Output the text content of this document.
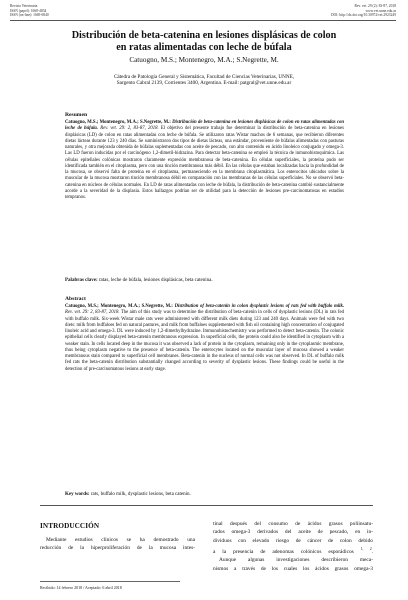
Revista Veterinaria
ISSN (papel): 1668-4834
ISSN (on-line): 1669-6840
Rev. vet. 29 (2): 83-87, 2018
www.vet.unne.edu.ar
DOI: http://dx.doi.org/10.30972/vet.2923249
Distribución de beta-catenina en lesiones displásicas de colon
en ratas alimentadas con leche de búfala
Catuogno, M.S.; Montenegro, M.A.; S.Negrette, M.
Cátedra de Patología General y Sistemática, Facultad de Ciencias Veterinarias, UNNE,
Sargento Cabral 2139, Corrientes 3400, Argentina. E-mail: patgral@vet.unne.edu.ar
Resumen

Catuogno, M.S.; Montenegro, M.A.; S.Negrette, M.: Distribución de beta-catenina en lesiones displásicas de colon en ratas alimentadas con leche de búfala. Rev. vet. 29: 2, 83-87, 2018. El objetivo del presente trabajo fue determinar la distribución de beta-catenina en lesiones displásicas (LD) de colon en ratas alimentadas con leche de búfala. Se utilizaron ratas Wistar machos de 6 semanas, que recibieron diferentes dietas lácteas durante 123 y 240 días. Se suministraron dos tipos de dietas lácteas, una estándar, proveniente de búfalas alimentadas con pasturas naturales, y otra mejorada obtenida de búfalas suplementadas con aceite de pescado, con alto contenido en ácido linoleico conjugado y omega-3. Las LD fueron inducidas por el carcinógeno 1,2-dimetil-hidrazina. Para detectar beta-catenina se empleó la técnica de inmunohistoquímica. Las células epiteliales colónicas mostraron claramente expresión membranosa de beta-catenina. En células superficiales, la proteína pudo ser identificada también en el citoplasma, pero con una tinción membranosa más débil. En las células que estaban localizadas hacia la profundidad de la mucosa, se observó falta de proteína en el citoplasma, permaneciendo en la membrana citoplasmática. Los enterocitos ubicados sobre la muscular de la mucosa mostraron tinción membranosa débil en comparación con las membranas de las células superficiales. No se observó beta-catenina en núcleos de células normales. En LD de ratas alimentadas con leche de búfala, la distribución de beta-catenina cambió sustancialmente acorde a la severidad de la displasia. Estos hallazgos podrían ser de utilidad para la detección de lesiones pre-carcinomatosas en estadíos tempranos.

Palabras clave: ratas, leche de búfala, lesiones displásicas, beta catenina.
Abstract

Catuogno, M.S.; Montenegro, M.A.; S.Negrette, M.: Distribution of beta-catenin in colon dysplastic lesions of rats fed with buffalo milk. Rev. vet. 29: 2, 83-87, 2018. The aim of this study was to determine the distribution of beta-catenin in cells of dysplastic lesions (DL) in rats fed with buffalo milk. Six-week Wistar male rats were administered with different milk diets during 123 and 240 days. Animals were fed with two diets: milk from buffaloes fed on natural pastures, and milk from buffaloes supplemented with fish oil containing high concentration of conjugated linoleic acid and omega-3. DL were induced by 1,2-dimethylhydrazine. Immunohistochemistry was performed to detect beta-catenin. The colonic epithelial cells clearly displayed beta-catenin membranous expression. In superficial cells, the protein could also be identified in cytoplasm with a weaker stain. In cells located deep in the mucosa it was observed a lack of protein in the cytoplasm, remaining only in the cytoplasmic membrane, thus being cytoplasm negative to the presence of beta-catenin. The enterocytes located on the muscular layer of mucosa showed a weaker membranous stain compared to superficial cell membranes. Beta-catenin in the nucleus of normal cells was not observed. In DL of buffalo milk fed rats the beta-catenin distribution substantially changed according to severity of dysplastic lesions. These findings could be useful in the detection of pre-carcinomatous lesions at early stage.

Key words: rats, buffalo milk, dysplastic lesions, beta catenin.
INTRODUCCIÓN
Mediante estudios clínicos se ha demostrado una
reducción de la hiperproliferación de la mucosa intes-
Recibido: 14 febrero 2018 / Aceptado: 6 abril 2018
tinal después del consumo de ácidos grasos poliinsatu-
rados omega-3 derivados del aceite de pescado, en in-
dividuos con elevado riesgo de cáncer de colon debido
a la presencia de adenomas colónicos esporádicos $^{1, 2}$.
Aunque algunas investigaciones describieron meca-
nismos a través de los cuales los ácidos grasos omega-3
